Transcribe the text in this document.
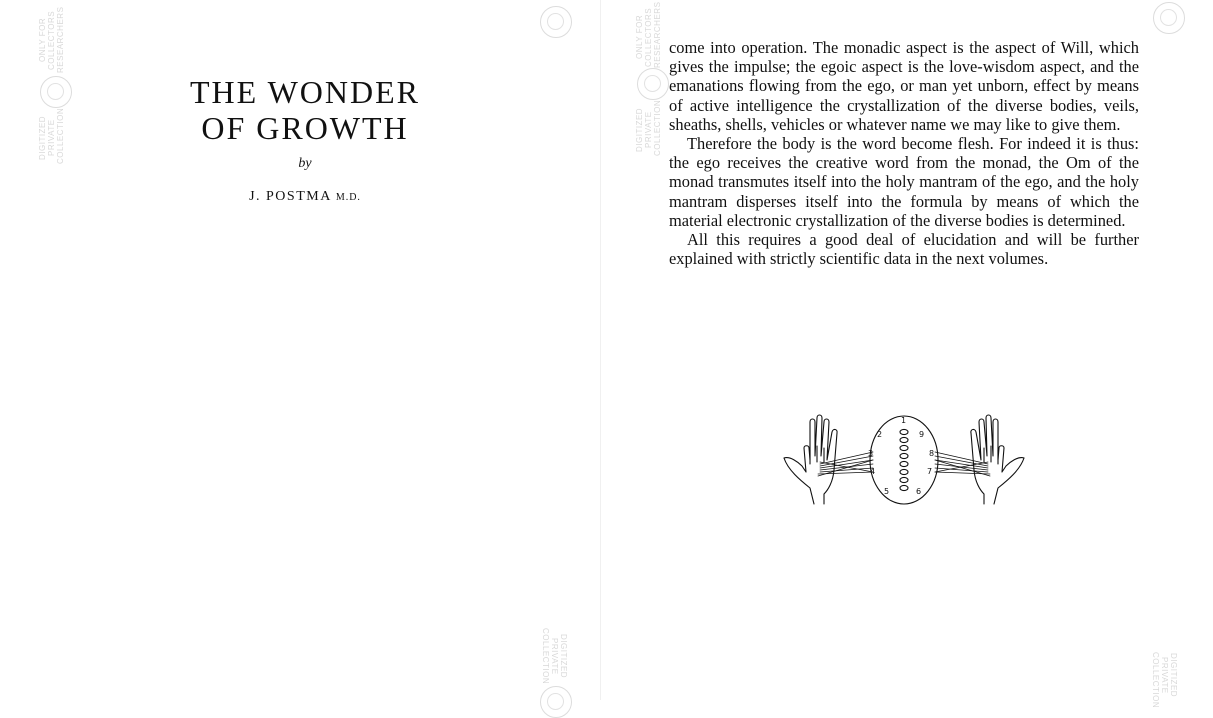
ONLY FOR
COLLECTORS
RESEARCHERS
DIGITIZED
PRIVATE
COLLECTION
THE WONDER
OF GROWTH
by
J. POSTMA M.D.
DIGITIZED
PRIVATE
COLLECTION
ONLY FOR
COLLECTORS
RESEARCHERS
DIGITIZED
PRIVATE
COLLECTION
DIGITIZED
PRIVATE
COLLECTION

come into operation. The monadic aspect is the aspect of Will, which gives the impulse; the egoic aspect is the love-wisdom aspect, and the emanations flowing from the ego, or man yet unborn, effect by means of active intelligence the crystallization of the diverse bodies, veils, sheaths, shells, vehicles or whatever name we may like to give them.

Therefore the body is the word become flesh. For indeed it is thus: the ego receives the creative word from the monad, the Om of the monad transmutes itself into the holy mantram of the ego, and the holy mantram disperses itself into the formula by means of which the material electronic crystallization of the diverse bodies is determined.

All this requires a good deal of elucidation and will be further explained with strictly scientific data in the next volumes.

1
2
3
4
5	6
7
8
9
